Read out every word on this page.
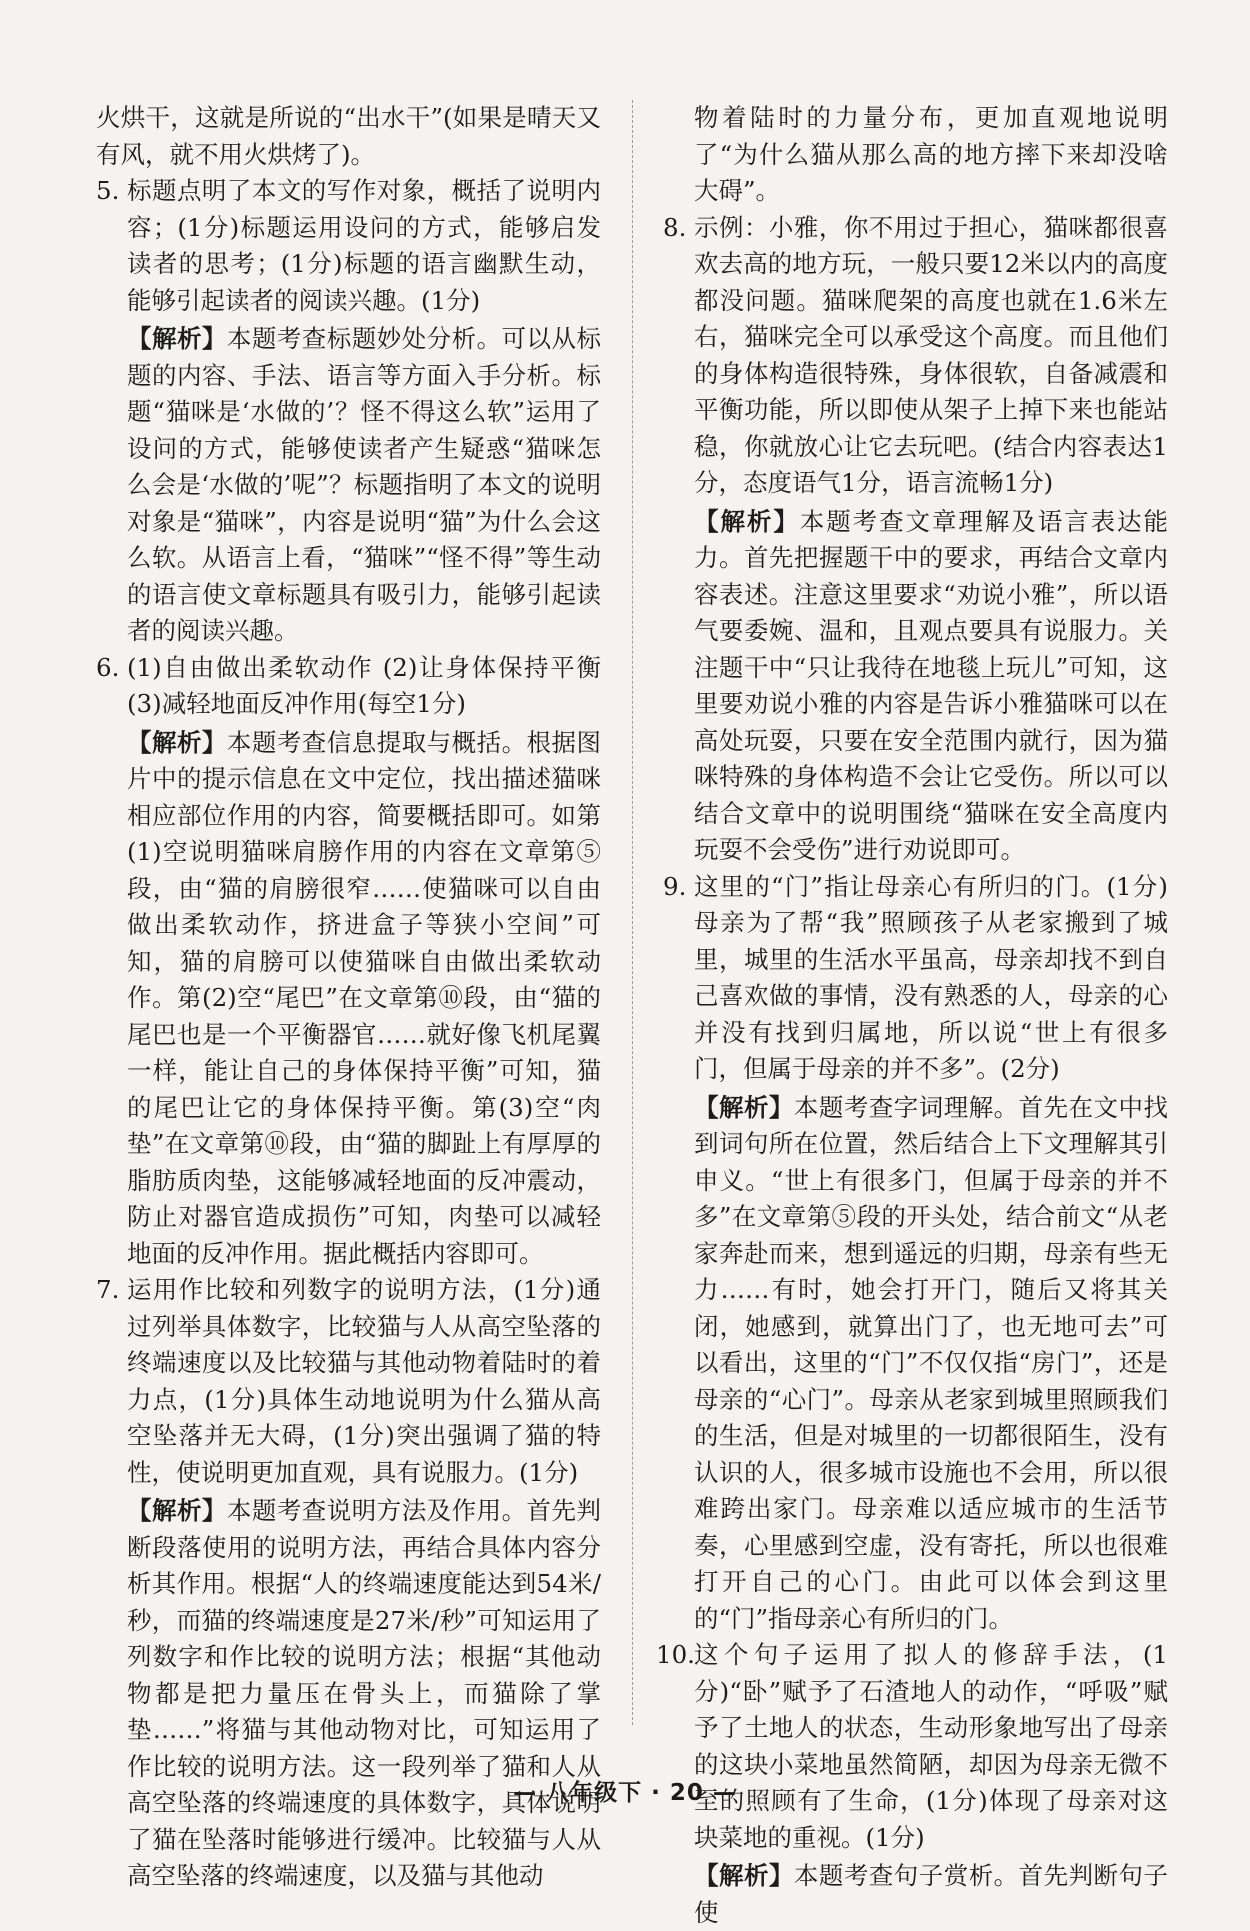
火烘干，这就是所说的“出水干”(如果是晴天又有风，就不用火烘烤了)。
5. 标题点明了本文的写作对象，概括了说明内容；(1分)标题运用设问的方式，能够启发读者的思考；(1分)标题的语言幽默生动，能够引起读者的阅读兴趣。(1分)
【解析】本题考查标题妙处分析。可以从标题的内容、手法、语言等方面入手分析。标题“猫咪是‘水做的’？怪不得这么软”运用了设问的方式，能够使读者产生疑惑“猫咪怎么会是‘水做的’呢”？标题指明了本文的说明对象是“猫咪”，内容是说明“猫”为什么会这么软。从语言上看，“猫咪”“怪不得”等生动的语言使文章标题具有吸引力，能够引起读者的阅读兴趣。
6. (1)自由做出柔软动作 (2)让身体保持平衡 (3)减轻地面反冲作用(每空1分)
【解析】本题考查信息提取与概括。根据图片中的提示信息在文中定位，找出描述猫咪相应部位作用的内容，简要概括即可。如第(1)空说明猫咪肩膀作用的内容在文章第⑤段，由“猫的肩膀很窄……使猫咪可以自由做出柔软动作，挤进盒子等狭小空间”可知，猫的肩膀可以使猫咪自由做出柔软动作。第(2)空“尾巴”在文章第⑩段，由“猫的尾巴也是一个平衡器官……就好像飞机尾翼一样，能让自己的身体保持平衡”可知，猫的尾巴让它的身体保持平衡。第(3)空“肉垫”在文章第⑩段，由“猫的脚趾上有厚厚的脂肪质肉垫，这能够减轻地面的反冲震动，防止对器官造成损伤”可知，肉垫可以减轻地面的反冲作用。据此概括内容即可。
7. 运用作比较和列数字的说明方法，(1分)通过列举具体数字，比较猫与人从高空坠落的终端速度以及比较猫与其他动物着陆时的着力点，(1分)具体生动地说明为什么猫从高空坠落并无大碍，(1分)突出强调了猫的特性，使说明更加直观，具有说服力。(1分)
【解析】本题考查说明方法及作用。首先判断段落使用的说明方法，再结合具体内容分析其作用。根据“人的终端速度能达到54米/秒，而猫的终端速度是27米/秒”可知运用了列数字和作比较的说明方法；根据“其他动物都是把力量压在骨头上，而猫除了掌垫……”将猫与其他动物对比，可知运用了作比较的说明方法。这一段列举了猫和人从高空坠落的终端速度的具体数字，具体说明了猫在坠落时能够进行缓冲。比较猫与人从高空坠落的终端速度，以及猫与其他动
物着陆时的力量分布，更加直观地说明了“为什么猫从那么高的地方摔下来却没啥大碍”。
8. 示例：小雅，你不用过于担心，猫咪都很喜欢去高的地方玩，一般只要12米以内的高度都没问题。猫咪爬架的高度也就在1.6米左右，猫咪完全可以承受这个高度。而且他们的身体构造很特殊，身体很软，自备减震和平衡功能，所以即使从架子上掉下来也能站稳，你就放心让它去玩吧。(结合内容表达1分，态度语气1分，语言流畅1分)
【解析】本题考查文章理解及语言表达能力。首先把握题干中的要求，再结合文章内容表述。注意这里要求“劝说小雅”，所以语气要委婉、温和，且观点要具有说服力。关注题干中“只让我待在地毯上玩儿”可知，这里要劝说小雅的内容是告诉小雅猫咪可以在高处玩耍，只要在安全范围内就行，因为猫咪特殊的身体构造不会让它受伤。所以可以结合文章中的说明围绕“猫咪在安全高度内玩耍不会受伤”进行劝说即可。
9. 这里的“门”指让母亲心有所归的门。(1分)母亲为了帮“我”照顾孩子从老家搬到了城里，城里的生活水平虽高，母亲却找不到自己喜欢做的事情，没有熟悉的人，母亲的心并没有找到归属地，所以说“世上有很多门，但属于母亲的并不多”。(2分)
【解析】本题考查字词理解。首先在文中找到词句所在位置，然后结合上下文理解其引申义。“世上有很多门，但属于母亲的并不多”在文章第⑤段的开头处，结合前文“从老家奔赴而来，想到遥远的归期，母亲有些无力……有时，她会打开门，随后又将其关闭，她感到，就算出门了，也无地可去”可以看出，这里的“门”不仅仅指“房门”，还是母亲的“心门”。母亲从老家到城里照顾我们的生活，但是对城里的一切都很陌生，没有认识的人，很多城市设施也不会用，所以很难跨出家门。母亲难以适应城市的生活节奏，心里感到空虚，没有寄托，所以也很难打开自己的心门。由此可以体会到这里的“门”指母亲心有所归的门。
10. 这个句子运用了拟人的修辞手法，(1分)“卧”赋予了石渣地人的动作，“呼吸”赋予了土地人的状态，生动形象地写出了母亲的这块小菜地虽然简陋，却因为母亲无微不至的照顾有了生命，(1分)体现了母亲对这块菜地的重视。(1分)
【解析】本题考查句子赏析。首先判断句子使
— 八年级下 · 20 —
